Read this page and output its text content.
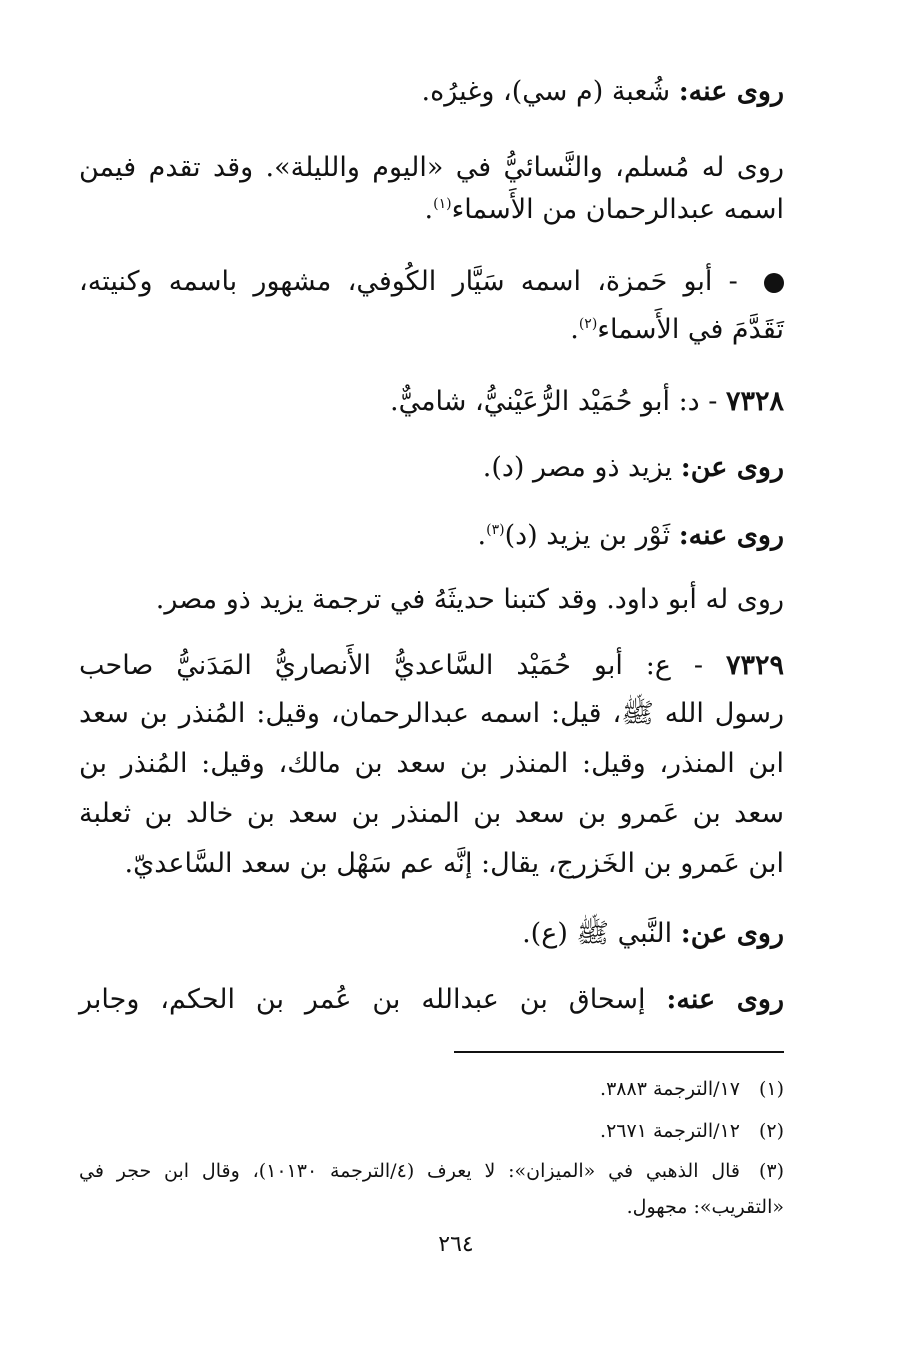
روى عنه: شُعبة (م سي)، وغيرُه.
روى له مُسلم، والنَّسائيُّ في «اليوم والليلة». وقد تقدم فيمن
اسمه عبدالرحمان من الأَسماء$^{(١)}$.
- أبو حَمزة، اسمه سَيَّار الكُوفي، مشهور باسمه وكنيته،
تَقَدَّمَ في الأَسماء$^{(٢)}$.
٧٣٢٨ - د: أبو حُمَيْد الرُّعَيْنيُّ، شاميٌّ.
روى عن: يزيد ذو مصر (د).
روى عنه: ثَوْر بن يزيد (د)$^{(٣)}$.
روى له أبو داود. وقد كتبنا حديثَهُ في ترجمة يزيد ذو مصر.
٧٣٢٩ - ع: أبو حُمَيْد السَّاعديُّ الأَنصاريُّ المَدَنيُّ صاحب
رسول الله ﷺ، قيل: اسمه عبدالرحمان، وقيل: المُنذر بن سعد
ابن المنذر، وقيل: المنذر بن سعد بن مالك، وقيل: المُنذر بن
سعد بن عَمرو بن سعد بن المنذر بن سعد بن خالد بن ثعلبة
ابن عَمرو بن الخَزرج، يقال: إنَّه عم سَهْل بن سعد السَّاعديّ.
روى عن: النَّبي ﷺ (ع).
روى عنه: إسحاق بن عبدالله بن عُمر بن الحكم، وجابر
(١)١٧/الترجمة ٣٨٨٣.
(٢)١٢/الترجمة ٢٦٧١.
(٣)قال الذهبي في «الميزان»: لا يعرف (٤/الترجمة ١٠١٣٠)، وقال ابن حجر في
«التقريب»: مجهول.
٢٦٤
